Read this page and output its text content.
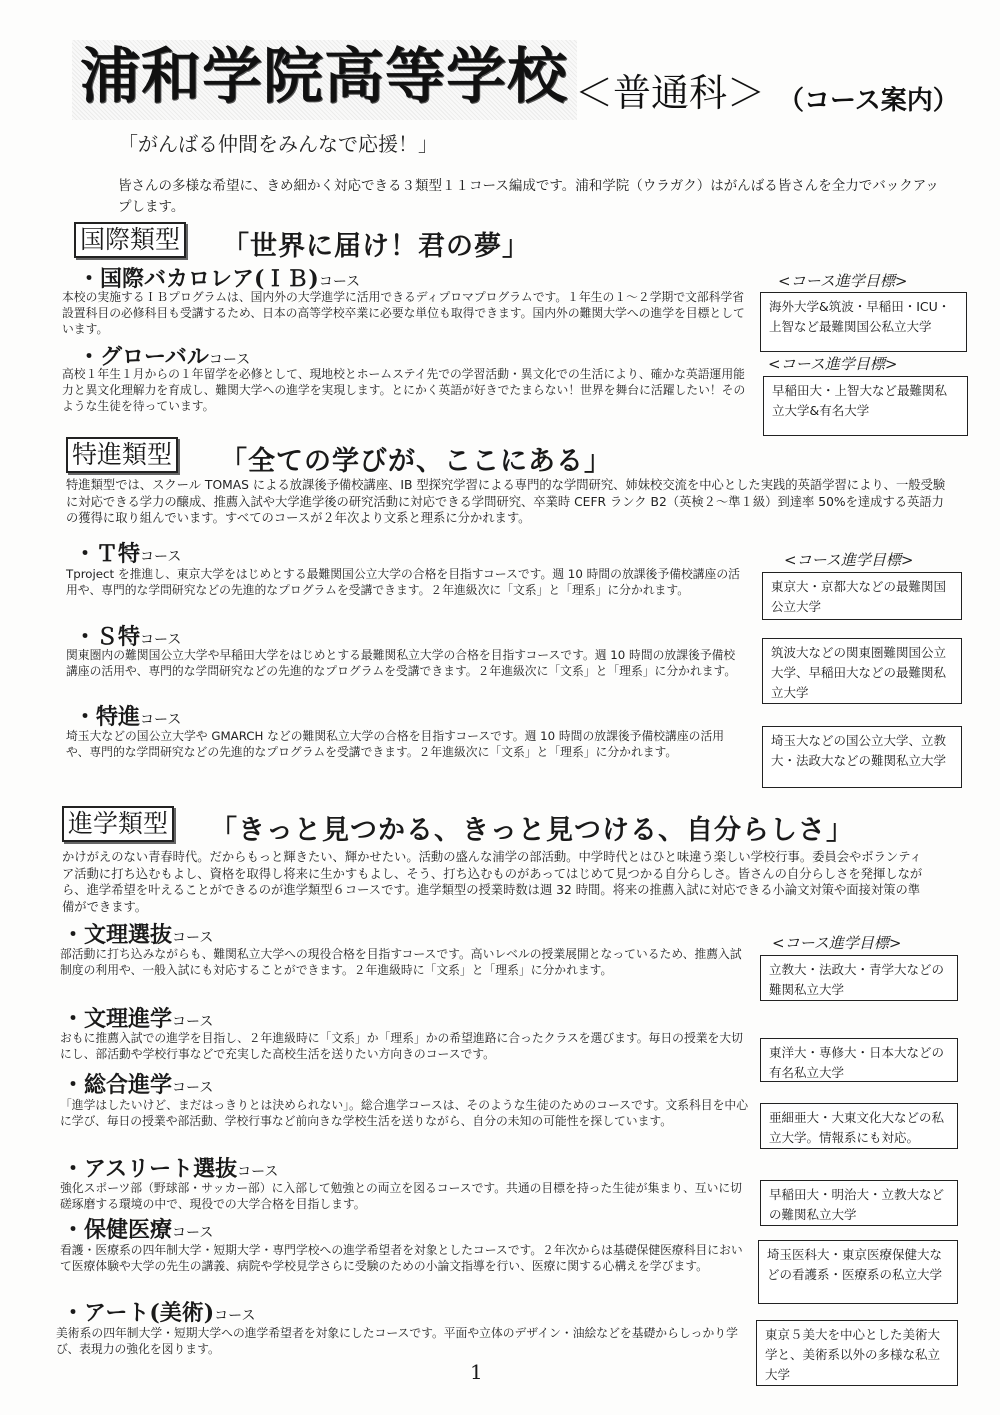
浦和学院高等学校 ＜普通科＞ （コース案内）
「がんばる仲間をみんなで応援！」
皆さんの多様な希望に、きめ細かく対応できる３類型１１コース編成です。浦和学院（ウラガク）はがんばる皆さんを全力でバックアップします。
国際類型 「世界に届け！君の夢」
・国際バカロレア(ＩＢ)コース
本校の実施するＩＢプログラムは、国内外の大学進学に活用できるディプロマプログラムです。１年生の１～２学期で文部科学省設置科目の必修科目も受講するため、日本の高等学校卒業に必要な単位も取得できます。国内外の難関大学への進学を目標としています。
<コース進学目標>
海外大学&筑波・早稲田・ICU・上智など最難関国公私立大学
・グローバルコース
高校１年生１月からの１年留学を必修として、現地校とホームステイ先での学習活動・異文化での生活により、確かな英語運用能力と異文化理解力を育成し、難関大学への進学を実現します。とにかく英語が好きでたまらない！世界を舞台に活躍したい！そのような生徒を待っています。
<コース進学目標>
早稲田大・上智大など最難関私立大学&有名大学
特進類型 「全ての学びが、ここにある」
特進類型では、スクール TOMAS による放課後予備校講座、IB 型探究学習による専門的な学問研究、姉妹校交流を中心とした実践的英語学習により、一般受験に対応できる学力の醸成、推薦入試や大学進学後の研究活動に対応できる学問研究、卒業時 CEFR ランク B2（英検２～準１級）到達率 50%を達成する英語力の獲得に取り組んでいます。すべてのコースが２年次より文系と理系に分かれます。
・Ｔ特コース
Tproject を推進し、東京大学をはじめとする最難関国公立大学の合格を目指すコースです。週 10 時間の放課後予備校講座の活用や、専門的な学問研究などの先進的なプログラムを受講できます。２年進級次に「文系」と「理系」に分かれます。
<コース進学目標>
東京大・京都大などの最難関国公立大学
・Ｓ特コース
関東圏内の難関国公立大学や早稲田大学をはじめとする最難関私立大学の合格を目指すコースです。週 10 時間の放課後予備校講座の活用や、専門的な学問研究などの先進的なプログラムを受講できます。２年進級次に「文系」と「理系」に分かれます。
筑波大などの関東圏難関国公立大学、早稲田大などの最難関私立大学
・特進コース
埼玉大などの国公立大学や GMARCH などの難関私立大学の合格を目指すコースです。週 10 時間の放課後予備校講座の活用や、専門的な学問研究などの先進的なプログラムを受講できます。２年進級次に「文系」と「理系」に分かれます。
埼玉大などの国公立大学、立教大・法政大などの難関私立大学
進学類型 「きっと見つかる、きっと見つける、自分らしさ」
かけがえのない青春時代。だからもっと輝きたい、輝かせたい。活動の盛んな浦学の部活動。中学時代とはひと味違う楽しい学校行事。委員会やボランティア活動に打ち込むもよし、資格を取得し将来に生かすもよし、そう、打ち込むものがあってはじめて見つかる自分らしさ。皆さんの自分らしさを発揮しながら、進学希望を叶えることができるのが進学類型６コースです。進学類型の授業時数は週 32 時間。将来の推薦入試に対応できる小論文対策や面接対策の準備ができます。
・文理選抜コース
部活動に打ち込みながらも、難関私立大学への現役合格を目指すコースです。高いレベルの授業展開となっているため、推薦入試制度の利用や、一般入試にも対応することができます。２年進級時に「文系」と「理系」に分かれます。
<コース進学目標>
立教大・法政大・青学大などの難関私立大学
・文理進学コース
おもに推薦入試での進学を目指し、２年進級時に「文系」か「理系」かの希望進路に合ったクラスを選びます。毎日の授業を大切にし、部活動や学校行事などで充実した高校生活を送りたい方向きのコースです。	東洋大・専修大・日本大などの有名私立大学
・総合進学コース
「進学はしたいけど、まだはっきりとは決められない」。総合進学コースは、そのような生徒のためのコースです。文系科目を中心に学び、毎日の授業や部活動、学校行事など前向きな学校生活を送りながら、自分の未知の可能性を探しています。	亜細亜大・大東文化大などの私立大学。情報系にも対応。
・アスリート選抜コース
強化スポーツ部（野球部・サッカー部）に入部して勉強との両立を図るコースです。共通の目標を持った生徒が集まり、互いに切磋琢磨する環境の中で、現役での大学合格を目指します。
早稲田大・明治大・立教大などの難関私立大学
・保健医療コース
看護・医療系の四年制大学・短期大学・専門学校への進学希望者を対象としたコースです。２年次からは基礎保健医療科目において医療体験や大学の先生の講義、病院や学校見学さらに受験のための小論文指導を行い、医療に関する心構えを学びます。
埼玉医科大・東京医療保健大などの看護系・医療系の私立大学
・アート(美術)コース
美術系の四年制大学・短期大学への進学希望者を対象にしたコースです。平面や立体のデザイン・油絵などを基礎からしっかり学び、表現力の強化を図ります。
東京５美大を中心とした美術大学と、美術系以外の多様な私立大学
1
